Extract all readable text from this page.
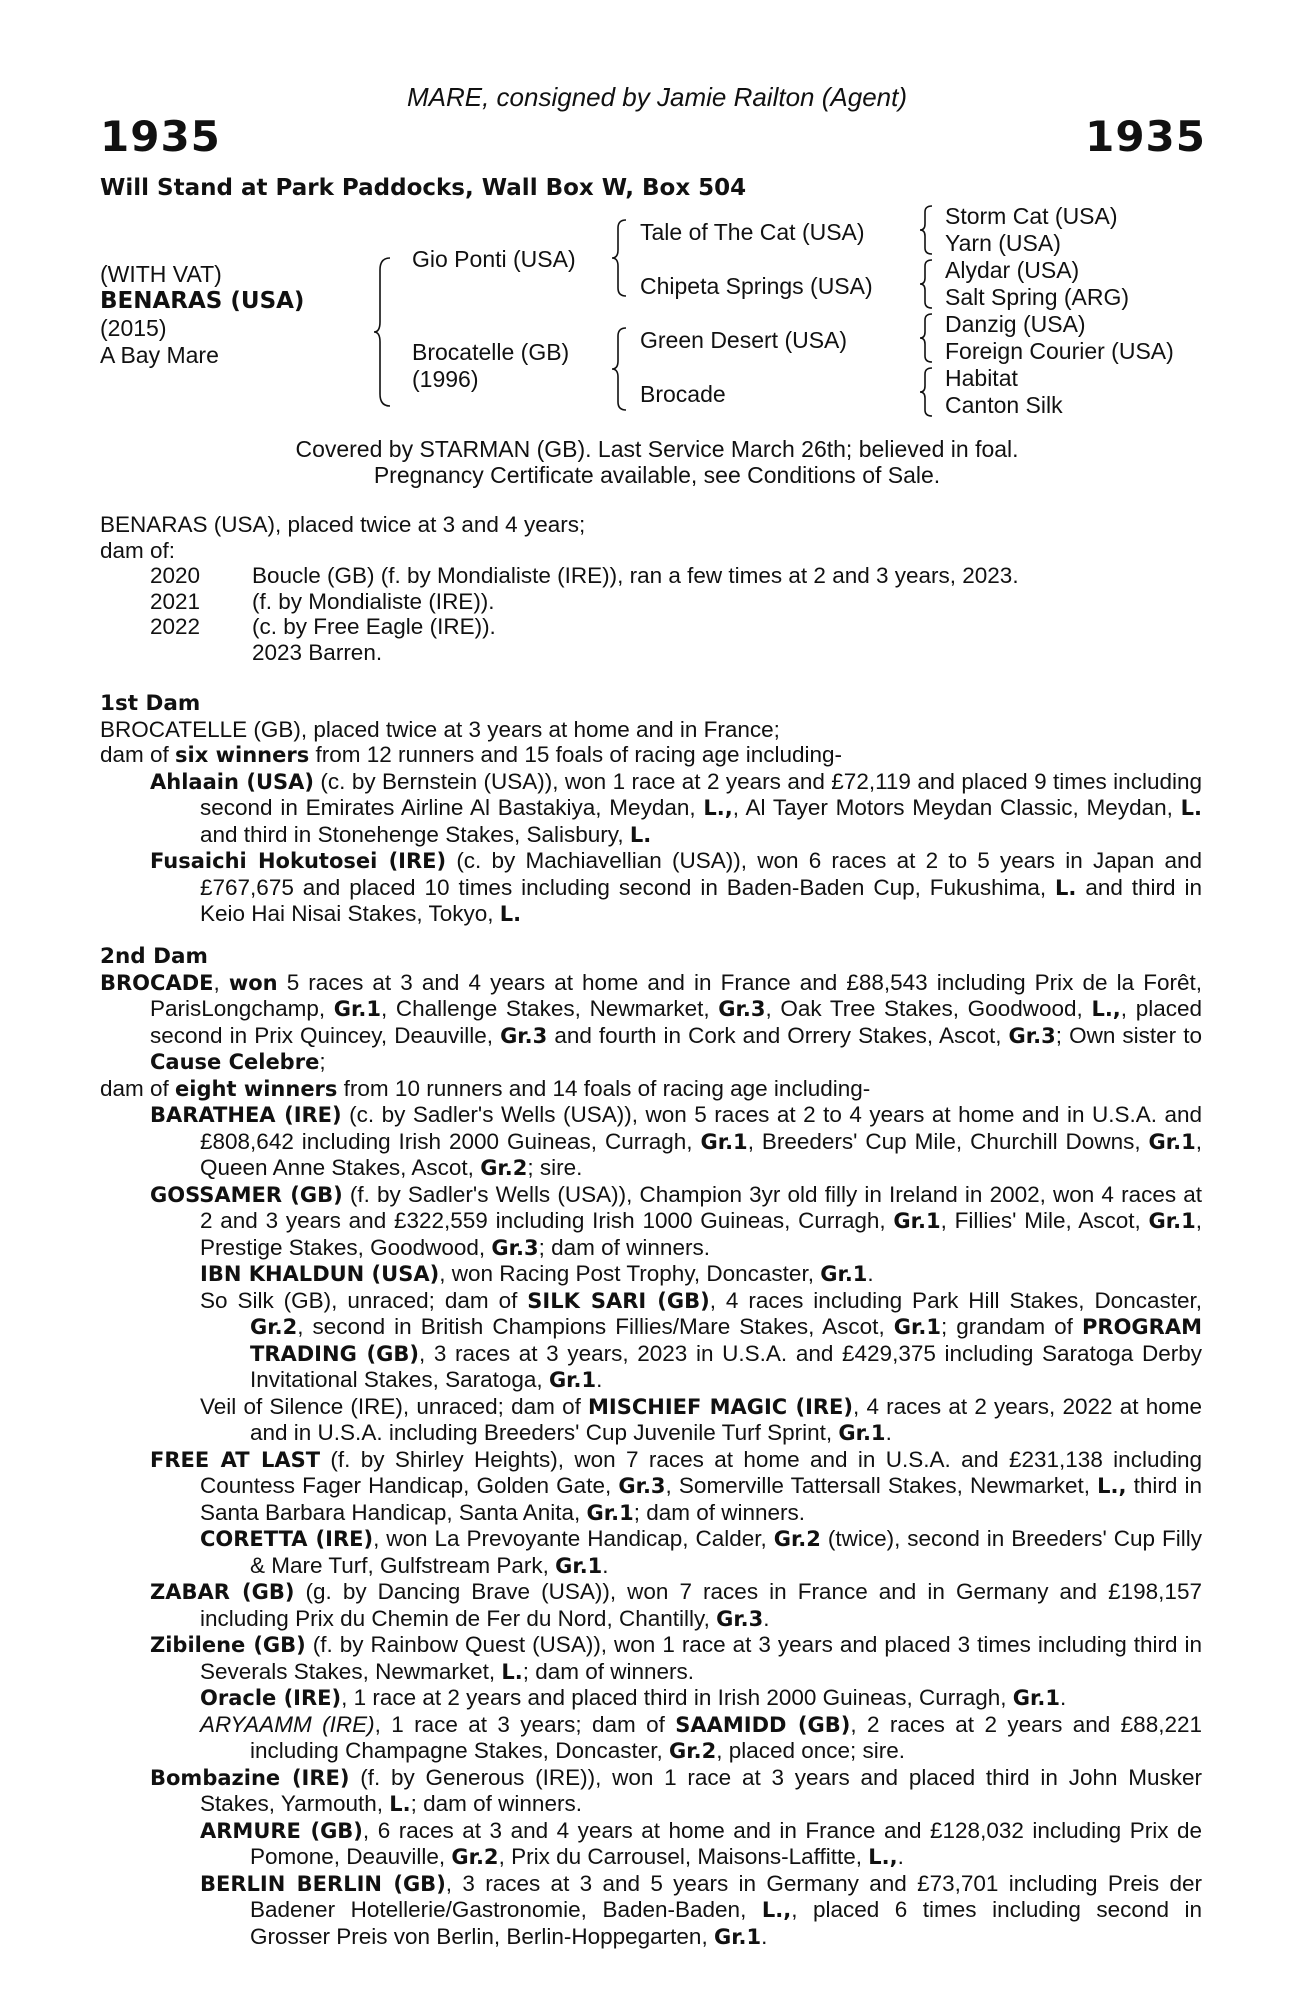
MARE, consigned by Jamie Railton (Agent)
1935	1935
Will Stand at Park Paddocks, Wall Box W, Box 504
(WITH VAT)
BENARAS (USA)
(2015)
A Bay Mare
Gio Ponti (USA)
Brocatelle (GB)
(1996)
Tale of The Cat (USA)
Chipeta Springs (USA)
Green Desert (USA)
Brocade
Storm Cat (USA)
Yarn (USA)
Alydar (USA)
Salt Spring (ARG)
Danzig (USA)
Foreign Courier (USA)
Habitat
Canton Silk
Covered by STARMAN (GB). Last Service March 26th; believed in foal.
Pregnancy Certificate available, see Conditions of Sale.

BENARAS (USA), placed twice at 3 and 4 years;

dam of:

2020	Boucle (GB) (f. by Mondialiste (IRE)), ran a few times at 2 and 3 years, 2023.
2021	(f. by Mondialiste (IRE)).
2022	(c. by Free Eagle (IRE)).
	2023 Barren.

1st Dam

BROCATELLE (GB), placed twice at 3 years at home and in France;

dam of six winners from 12 runners and 15 foals of racing age including-

Ahlaain (USA) (c. by Bernstein (USA)), won 1 race at 2 years and £72,119 and placed 9 times including second in Emirates Airline Al Bastakiya, Meydan, L.,, Al Tayer Motors Meydan Classic, Meydan, L. and third in Stonehenge Stakes, Salisbury, L.

Fusaichi Hokutosei (IRE) (c. by Machiavellian (USA)), won 6 races at 2 to 5 years in Japan and £767,675 and placed 10 times including second in Baden-Baden Cup, Fukushima, L. and third in Keio Hai Nisai Stakes, Tokyo, L.

2nd Dam

BROCADE, won 5 races at 3 and 4 years at home and in France and £88,543 including Prix de la Forêt, ParisLongchamp, Gr.1, Challenge Stakes, Newmarket, Gr.3, Oak Tree Stakes, Goodwood, L.,, placed second in Prix Quincey, Deauville, Gr.3 and fourth in Cork and Orrery Stakes, Ascot, Gr.3; Own sister to Cause Celebre;

dam of eight winners from 10 runners and 14 foals of racing age including-

BARATHEA (IRE) (c. by Sadler's Wells (USA)), won 5 races at 2 to 4 years at home and in U.S.A. and £808,642 including Irish 2000 Guineas, Curragh, Gr.1, Breeders' Cup Mile, Churchill Downs, Gr.1, Queen Anne Stakes, Ascot, Gr.2; sire.

GOSSAMER (GB) (f. by Sadler's Wells (USA)), Champion 3yr old filly in Ireland in 2002, won 4 races at 2 and 3 years and £322,559 including Irish 1000 Guineas, Curragh, Gr.1, Fillies' Mile, Ascot, Gr.1, Prestige Stakes, Goodwood, Gr.3; dam of winners.

IBN KHALDUN (USA), won Racing Post Trophy, Doncaster, Gr.1.

So Silk (GB), unraced; dam of SILK SARI (GB), 4 races including Park Hill Stakes, Doncaster, Gr.2, second in British Champions Fillies/Mare Stakes, Ascot, Gr.1; grandam of PROGRAM TRADING (GB), 3 races at 3 years, 2023 in U.S.A. and £429,375 including Saratoga Derby Invitational Stakes, Saratoga, Gr.1.

Veil of Silence (IRE), unraced; dam of MISCHIEF MAGIC (IRE), 4 races at 2 years, 2022 at home and in U.S.A. including Breeders' Cup Juvenile Turf Sprint, Gr.1.

FREE AT LAST (f. by Shirley Heights), won 7 races at home and in U.S.A. and £231,138 including Countess Fager Handicap, Golden Gate, Gr.3, Somerville Tattersall Stakes, Newmarket, L., third in Santa Barbara Handicap, Santa Anita, Gr.1; dam of winners.

CORETTA (IRE), won La Prevoyante Handicap, Calder, Gr.2 (twice), second in Breeders' Cup Filly & Mare Turf, Gulfstream Park, Gr.1.

ZABAR (GB) (g. by Dancing Brave (USA)), won 7 races in France and in Germany and £198,157 including Prix du Chemin de Fer du Nord, Chantilly, Gr.3.

Zibilene (GB) (f. by Rainbow Quest (USA)), won 1 race at 3 years and placed 3 times including third in Severals Stakes, Newmarket, L.; dam of winners.

Oracle (IRE), 1 race at 2 years and placed third in Irish 2000 Guineas, Curragh, Gr.1.

ARYAAMM (IRE), 1 race at 3 years; dam of SAAMIDD (GB), 2 races at 2 years and £88,221 including Champagne Stakes, Doncaster, Gr.2, placed once; sire.

Bombazine (IRE) (f. by Generous (IRE)), won 1 race at 3 years and placed third in John Musker Stakes, Yarmouth, L.; dam of winners.

ARMURE (GB), 6 races at 3 and 4 years at home and in France and £128,032 including Prix de Pomone, Deauville, Gr.2, Prix du Carrousel, Maisons-Laffitte, L.,.

BERLIN BERLIN (GB), 3 races at 3 and 5 years in Germany and £73,701 including Preis der Badener Hotellerie/Gastronomie, Baden-Baden, L.,, placed 6 times including second in Grosser Preis von Berlin, Berlin-Hoppegarten, Gr.1.
